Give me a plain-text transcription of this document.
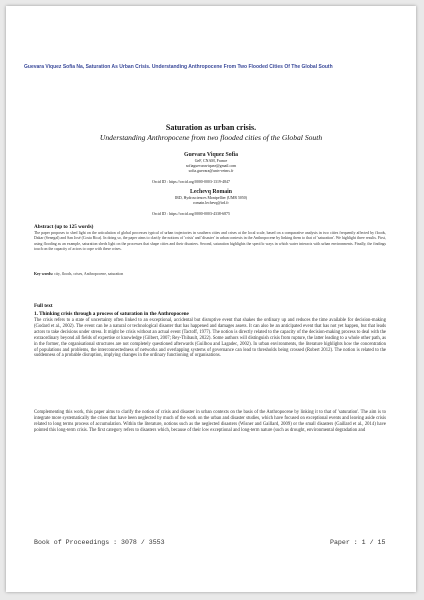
Guevara Viquez Sofia Na, Saturation As Urban Crisis. Understanding Anthropocene From Two Flooded Cities Of The Global South
Saturation as urban crisis.
Understanding Anthropocene from two flooded cities of the Global South
Guevara Viquez Sofia
GeF, CNAM, France
sofiaguevaraviquez@gmail.com
sofia.guevara@univ-reims.fr
Orcid ID : https://orcid.org/0000-0003-1319-4847
Lechevq Romain
IRD, Hydrosciences Montpellier (UMR 5050)
romain.lechevq@ird.fr
Orcid ID : https://orcid.org/0000-0003-4338-6875
Abstract (up to 125 words)
The paper proposes to shed light on the articulation of global processes typical of urban trajectories in southern cities and crises at the local scale, based on a comparative analysis in two cities frequently affected by floods, Dakar (Senegal) and San José (Costa Rica). In doing so, the paper aims to clarify the notions of 'crisis' and 'disaster' in urban contexts in the Anthropocene by linking them to that of 'saturation'. We highlight three results. First, using flooding as an example, saturation sheds light on the processes that shape cities and their disasters. Second, saturation highlights the specific ways in which water interacts with urban environments. Finally, the findings touch on the capacity of actors to cope with these crises.
Key words: city, floods, crises, Anthropocene, saturation
Full text
1. Thinking crisis through a process of saturation in the Anthropocene
The crisis refers to a state of uncertainty often linked to an exceptional, accidental but disruptive event that shakes the ordinary up and reduces the time available for decision-making (Godard et al., 2002). The event can be a natural or technological disaster that has happened and damages assets. It can also be an anticipated event that has not yet happen, but that leads actors to take decisions under stress. It might be crisis without an actual event (Tactoff, 1977). The notion is directly related to the capacity of the decision-making process to deal with the extraordinary beyond all fields of expertise or knowledge (Gilbert, 2007; Rey-Thibault, 2022). Some authors will distinguish crisis from rupture, the latter leading to a whole other path, as in the former, the organisational structures are not completely questioned afterwards (Guilbou and Lagadec, 2002). In urban environments, the literature highlights how the concentration of populations and problems, the interconnectedness of networks and overlapping systems of governance can lead to thresholds being crossed (Robert 2012). The notion is related to the suddenness of a probable disruption, implying changes in the ordinary functioning of organisations.
Complementing this work, this paper aims to clarify the notion of crisis and disaster in urban contexts on the basis of the Anthropocene by linking it to that of 'saturation'. The aim is to integrate more systematically the crises that have been neglected by much of the work on the urban and disaster studies, which have focused on exceptional events and leaving aside crisis related to long terms process of accumulation. Within the literature, notions such as the neglected disasters (Wisner and Gaillard, 2009) or the small disasters (Gaillard et al., 2014) have pointed this long-term crisis. The first category refers to disasters which, because of their low exceptional and long-term nature (such as drought, environmental degradation and
Book of Proceedings : 3078 / 3553	Paper : 1 / 15
